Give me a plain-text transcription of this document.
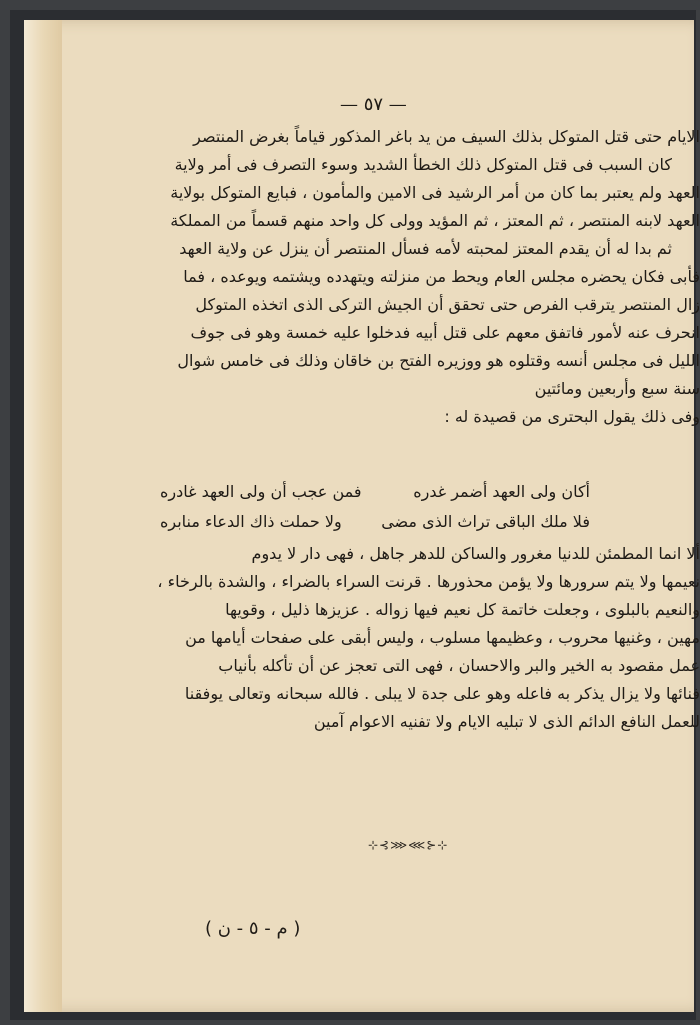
— ٥٧ —
الايام حتى قتل المتوكل بذلك السيف من يد باغر المذكور قياماً بغرض المنتصر
كان السبب فى قتل المتوكل ذلك الخطأ الشديد وسوء التصرف فى أمر ولاية
العهد ولم يعتبر بما كان من أمر الرشيد فى الامين والمأمون ، فبايع المتوكل بولاية
العهد لابنه المنتصر ، ثم المعتز ، ثم المؤيد وولى كل واحد منهم قسماً من المملكة
ثم بدا له أن يقدم المعتز لمحبته لأمه فسأل المنتصر أن ينزل عن ولاية العهد
فأبى فكان يحضره مجلس العام ويحط من منزلته ويتهدده ويشتمه ويوعده ، فما
زال المنتصر يترقب الفرص حتى تحقق أن الجيش التركى الذى اتخذه المتوكل
انحرف عنه لأمور فاتفق معهم على قتل أبيه فدخلوا عليه خمسة وهو فى جوف
الليل فى مجلس أنسه وقتلوه هو ووزيره الفتح بن خاقان وذلك فى خامس شوال
سنة سبع وأربعين ومائتين
وفى ذلك يقول البحترى من قصيدة له :
أكان ولى العهد أضمر غدره
فمن عجب أن ولى العهد غادره
فلا ملك الباقى تراث الذى مضى
ولا حملت ذاك الدعاء منابره
ألا انما المطمئن للدنيا مغرور والساكن للدهر جاهل ، فهى دار لا يدوم
نعيمها ولا يتم سرورها ولا يؤمن محذورها . قرنت السراء بالضراء ، والشدة بالرخاء ،
والنعيم بالبلوى ، وجعلت خاتمة كل نعيم فيها زواله . عزيزها ذليل ، وقويها
مهين ، وغنيها محروب ، وعظيمها مسلوب ، وليس أبقى على صفحات أيامها من
عمل مقصود به الخير والبر والاحسان ، فهى التى تعجز عن أن تأكله بأنياب
فنائها ولا يزال يذكر به فاعله وهو على جدة لا يبلى . فالله سبحانه وتعالى يوفقنا
للعمل النافع الدائم الذى لا تبليه الايام ولا تفنيه الاعوام آمين
⊹⊰⋙⋘⊱⊹
( م - ٥ - ن )
